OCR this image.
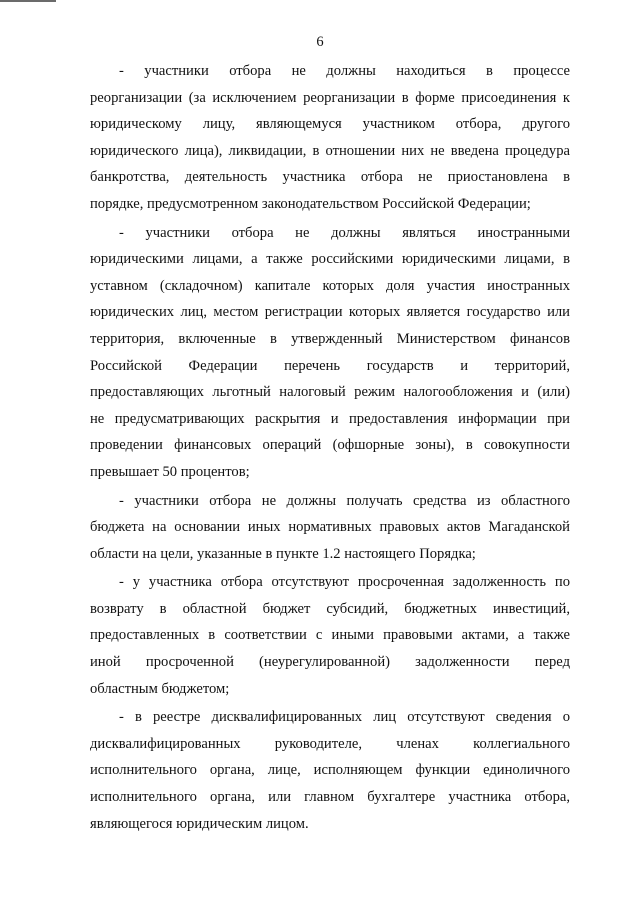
6
- участники отбора не должны находиться в процессе
реорганизации (за исключением реорганизации в форме присоединения к
юридическому лицу, являющемуся участником отбора, другого
юридического лица), ликвидации, в отношении них не введена процедура
банкротства, деятельность участника отбора не приостановлена в
порядке, предусмотренном законодательством Российской Федерации;
- участники отбора не должны являться иностранными
юридическими лицами, а также российскими юридическими лицами, в
уставном (складочном) капитале которых доля участия иностранных
юридических лиц, местом регистрации которых является государство или
территория, включенные в утвержденный Министерством финансов
Российской Федерации перечень государств и территорий,
предоставляющих льготный налоговый режим налогообложения и (или)
не предусматривающих раскрытия и предоставления информации при
проведении финансовых операций (офшорные зоны), в совокупности
превышает 50 процентов;
- участники отбора не должны получать средства из областного
бюджета на основании иных нормативных правовых актов Магаданской
области на цели, указанные в пункте 1.2 настоящего Порядка;
- у участника отбора отсутствуют просроченная задолженность по
возврату в областной бюджет субсидий, бюджетных инвестиций,
предоставленных в соответствии с иными правовыми актами, а также
иной просроченной (неурегулированной) задолженности перед
областным бюджетом;
- в реестре дисквалифицированных лиц отсутствуют сведения о
дисквалифицированных руководителе, членах коллегиального
исполнительного органа, лице, исполняющем функции единоличного
исполнительного органа, или главном бухгалтере участника отбора,
являющегося юридическим лицом.
